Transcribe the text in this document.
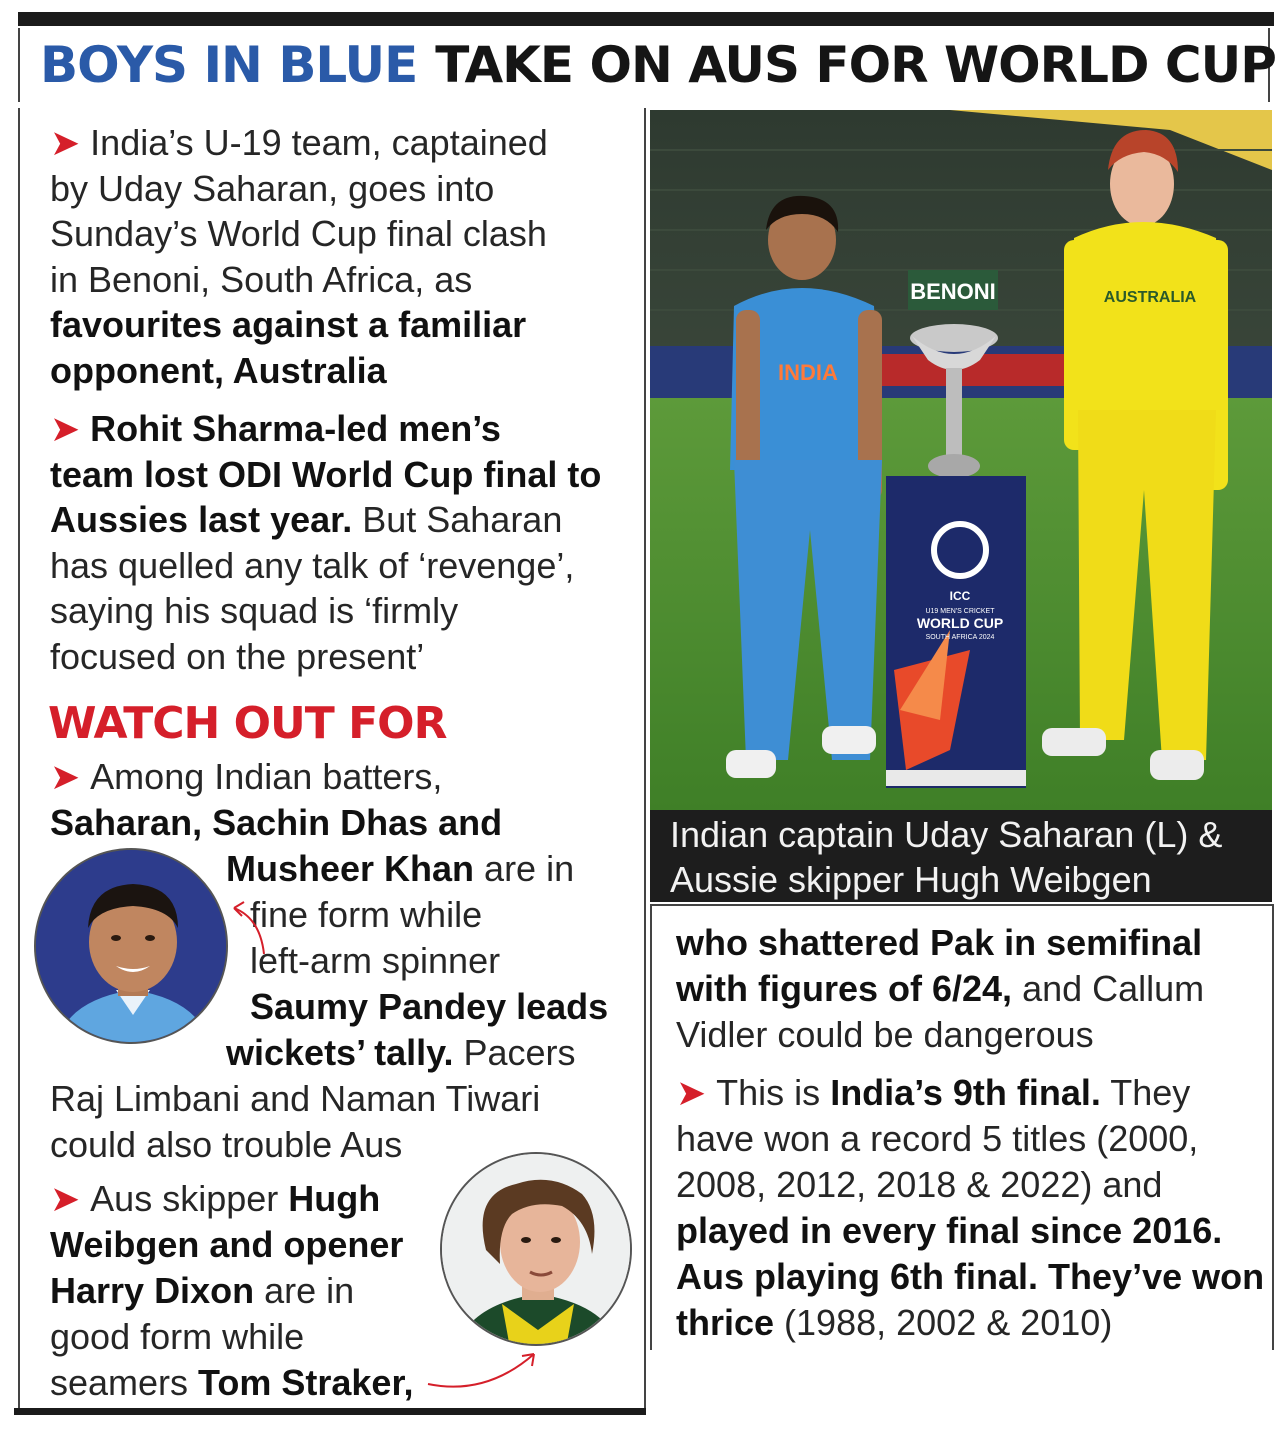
BOYS IN BLUE TAKE ON AUS FOR WORLD CUP
➤ India’s U-19 team, captained
by Uday Saharan, goes into
Sunday’s World Cup final clash
in Benoni, South Africa, as
favourites against a familiar
opponent, Australia
➤ Rohit Sharma-led men’s
team lost ODI World Cup final to
Aussies last year. But Saharan
has quelled any talk of ‘revenge’,
saying his squad is ‘firmly
focused on the present’
WATCH OUT FOR
➤ Among Indian batters,
Saharan, Sachin Dhas and
Musheer Khan are in
fine form while
left-arm spinner
Saumy Pandey leads
wickets’ tally. Pacers
Raj Limbani and Naman Tiwari
could also trouble Aus
➤ Aus skipper Hugh
Weibgen and opener
Harry Dixon are in
good form while
seamers Tom Straker,
BENONI
ICC
U19 MEN'S CRICKET
WORLD CUP
SOUTH AFRICA 2024
INDIA
AUSTRALIA
Indian captain Uday Saharan (L) &
Aussie skipper Hugh Weibgen
who shattered Pak in semifinal
with figures of 6/24, and Callum
Vidler could be dangerous
➤ This is India’s 9th final. They
have won a record 5 titles (2000,
2008, 2012, 2018 & 2022) and
played in every final since 2016.
Aus playing 6th final. They’ve won
thrice (1988, 2002 & 2010)
